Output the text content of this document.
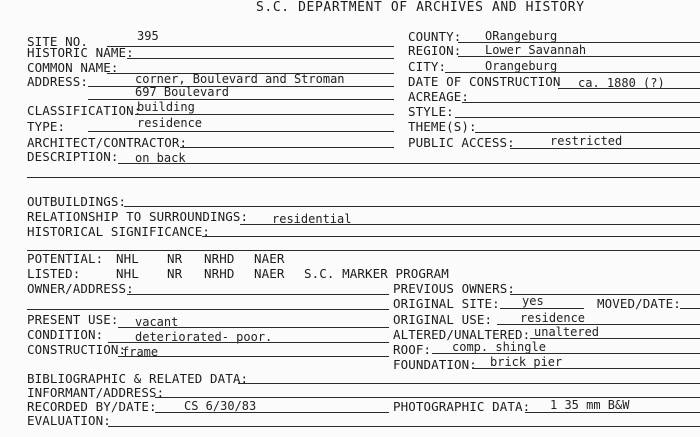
S.C. DEPARTMENT OF ARCHIVES AND HISTORY
SITE NO.	395
HISTORIC NAME:
COMMON NAME:
ADDRESS:	corner, Boulevard and Stroman
697 Boulevard
CLASSIFICATION:
building
TYPE:	residence
ARCHITECT/CONTRACTOR:
DESCRIPTION: on back
COUNTY: ORangeburg
REGION: Lower Savannah
CITY:	Orangeburg
DATE OF CONSTRUCTION ca. 1880 (?)
ACREAGE:
STYLE:
THEME(S):
PUBLIC ACCESS:	restricted
OUTBUILDINGS:
RELATIONSHIP TO SURROUNDINGS: residential
HISTORICAL SIGNIFICANCE:
POTENTIAL: NHL NR NRHD NAER
LISTED:	NHL NR NRHD NAER S.C. MARKER PROGRAM
OWNER/ADDRESS:	PREVIOUS OWNERS:
ORIGINAL SITE: yes	MOVED/DATE:
PRESENT USE: vacant
CONDITION:	deteriorated- poor.
CONSTRUCTION:
frame
ORIGINAL USE: residence
ALTERED/UNALTERED: unaltered
ROOF: comp. shingle
FOUNDATION: brick pier
BIBLIOGRAPHIC & RELATED DATA:
INFORMANT/ADDRESS:
RECORDED BY/DATE: CS 6/30/83	PHOTOGRAPHIC DATA: 1 35 mm B&W
EVALUATION:
